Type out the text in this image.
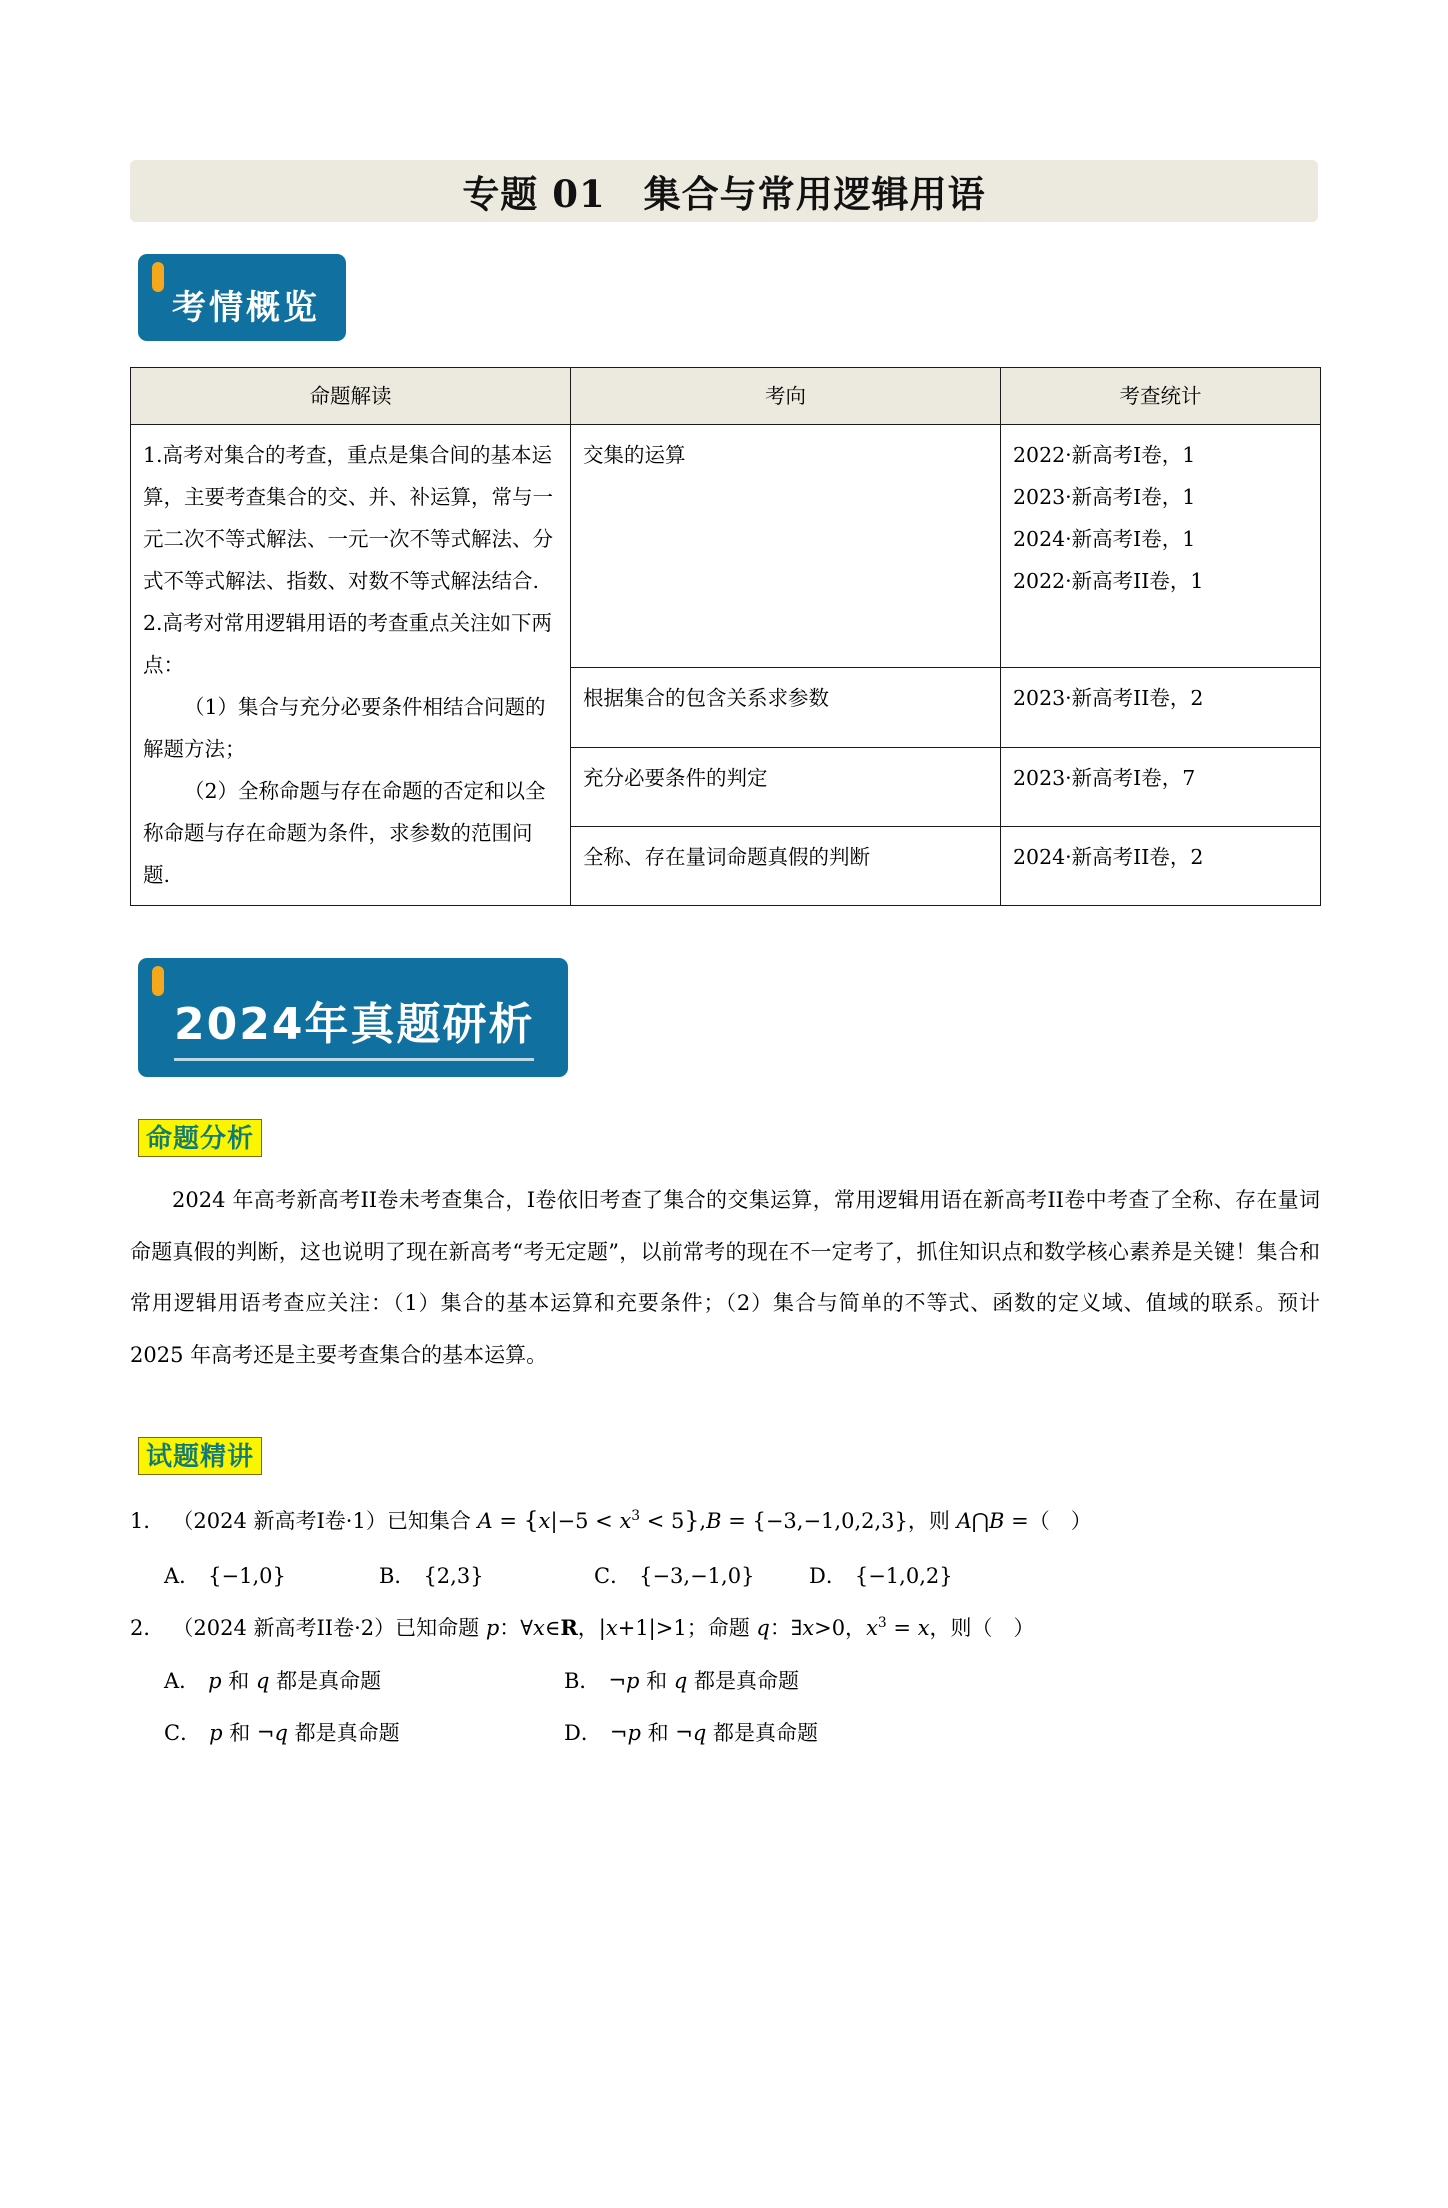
专题 01　集合与常用逻辑用语
考情概览
命题解读	考向	考查统计

1.高考对集合的考查，重点是集合间的基本运算，主要考查集合的交、并、补运算，常与一元二次不等式解法、一元一次不等式解法、分式不等式解法、指数、对数不等式解法结合.

2.高考对常用逻辑用语的考查重点关注如下两点：

（1）集合与充分必要条件相结合问题的解题方法；

（2）全称命题与存在命题的否定和以全称命题与存在命题为条件，求参数的范围问题.

	交集的运算	2022·新高考I卷，1
2023·新高考I卷，1
2024·新高考I卷，1
2022·新高考II卷，1

	根据集合的包含关系求参数	2023·新高考II卷，2
	充分必要条件的判定	2023·新高考I卷，7
	全称、存在量词命题真假的判断	2024·新高考II卷，2
2024年真题研析
命题分析
2024 年高考新高考II卷未考查集合，I卷依旧考查了集合的交集运算，常用逻辑用语在新高考II卷中考查了全称、存在量词命题真假的判断，这也说明了现在新高考“考无定题”，以前常考的现在不一定考了，抓住知识点和数学核心素养是关键！集合和常用逻辑用语考查应关注：（1）集合的基本运算和充要条件；（2）集合与简单的不等式、函数的定义域、值域的联系。预计 2025 年高考还是主要考查集合的基本运算。
试题精讲
1． （2024 新高考I卷·1）已知集合 $A = \{x|-5 < x^3 < 5\},B = \{-3,-1,0,2,3\}$，则 A⋂B =（　）
A． {−1,0}	B． {2,3}	C． {−3,−1,0}	D． {−1,0,2}
2． （2024 新高考II卷·2）已知命题 p：∀x∈R，|x+1|>1；命题 q：∃x>0，$x^3 = x$，则（　）
A． p 和 q 都是真命题	B． ¬p 和 q 都是真命题
C． p 和 ¬q 都是真命题	D． ¬p 和 ¬q 都是真命题
